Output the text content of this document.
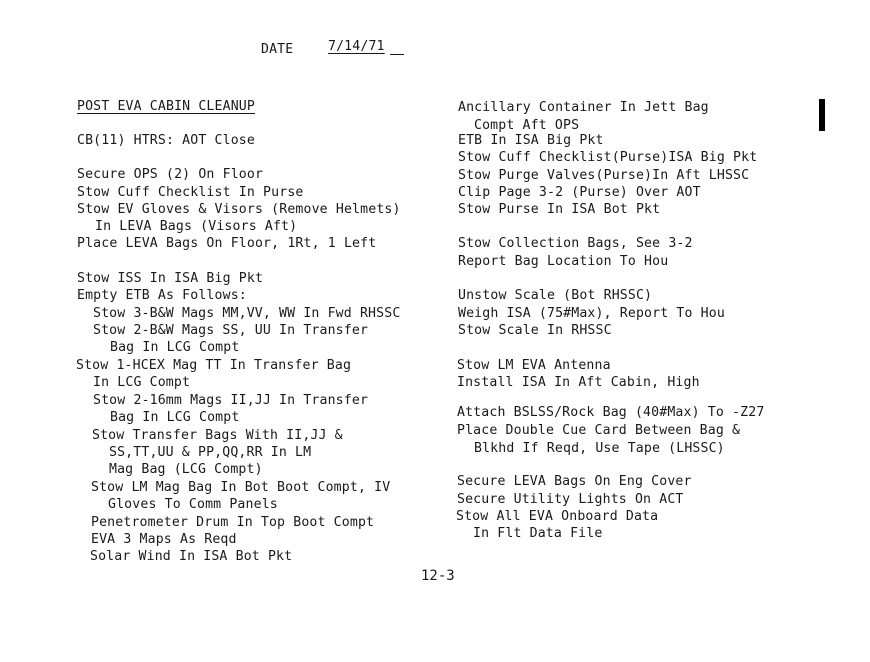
DATE	7/14/71
POST EVA CABIN CLEANUP
CB(11) HTRS: AOT Close
Secure OPS (2) On Floor
Stow Cuff Checklist In Purse
Stow EV Gloves & Visors (Remove Helmets)
In LEVA Bags (Visors Aft)
Place LEVA Bags On Floor, 1Rt, 1 Left
Stow ISS In ISA Big Pkt
Empty ETB As Follows:
Stow 3-B&W Mags MM,VV, WW In Fwd RHSSC
Stow 2-B&W Mags SS, UU In Transfer
Bag In LCG Compt
Stow 1-HCEX Mag TT In Transfer Bag
In LCG Compt
Stow 2-16mm Mags II,JJ In Transfer
Bag In LCG Compt
Stow Transfer Bags With II,JJ &
SS,TT,UU & PP,QQ,RR In LM
Mag Bag (LCG Compt)
Stow LM Mag Bag In Bot Boot Compt, IV
Gloves To Comm Panels
Penetrometer Drum In Top Boot Compt
EVA 3 Maps As Reqd
Solar Wind In ISA Bot Pkt
Ancillary Container In Jett Bag
Compt Aft OPS
ETB In ISA Big Pkt
Stow Cuff Checklist(Purse)ISA Big Pkt
Stow Purge Valves(Purse)In Aft LHSSC
Clip Page 3-2 (Purse) Over AOT
Stow Purse In ISA Bot Pkt
Stow Collection Bags, See 3-2
Report Bag Location To Hou
Unstow Scale (Bot RHSSC)
Weigh ISA (75#Max), Report To Hou
Stow Scale In RHSSC
Stow LM EVA Antenna
Install ISA In Aft Cabin, High
Attach BSLSS/Rock Bag (40#Max) To -Z27
Place Double Cue Card Between Bag &
Blkhd If Reqd, Use Tape (LHSSC)
Secure LEVA Bags On Eng Cover
Secure Utility Lights On ACT
Stow All EVA Onboard Data
In Flt Data File
12-3
